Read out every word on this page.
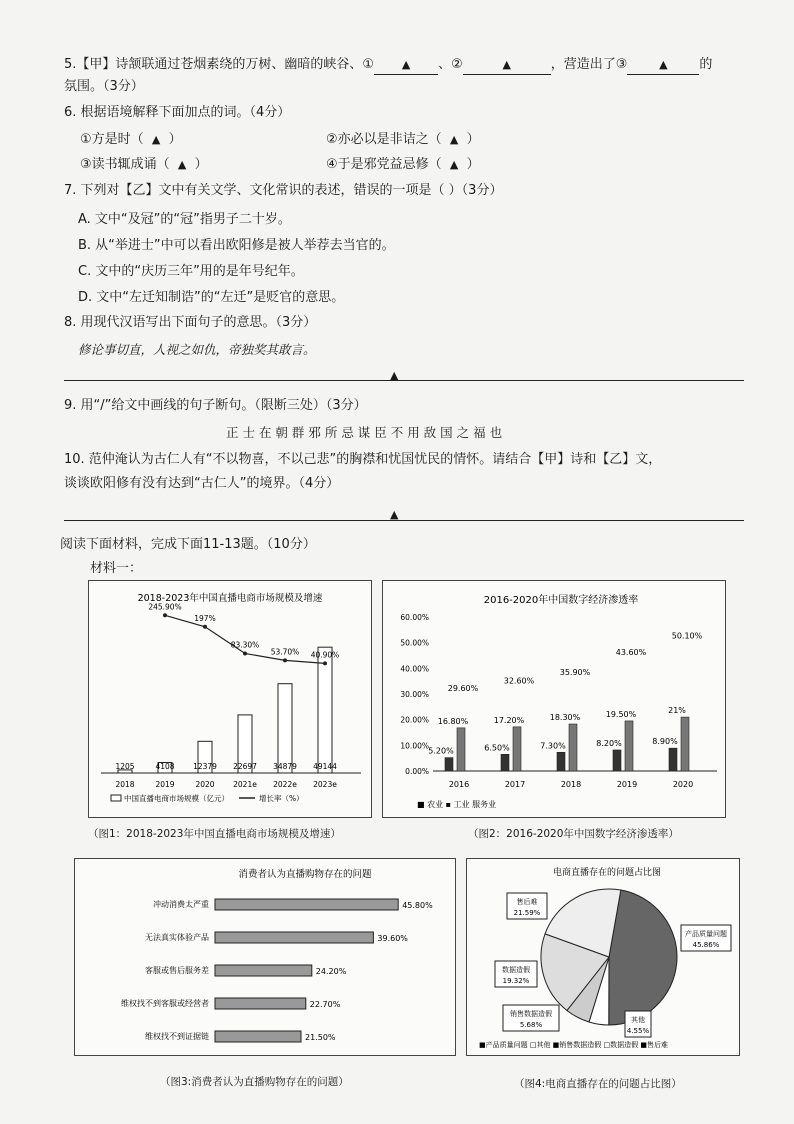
5.【甲】诗颔联通过苍烟素绕的万树、幽暗的峡谷、①	▲ 、②	▲	，营造出了③	▲ 的
氛围。（3分）
6. 根据语境解释下面加点的词。（4分）
①方是时（ ▲ ）	②亦必以是非诘之（ ▲ ）
③读书辄成诵（ ▲ ）	④于是邪党益忌修（ ▲ ）
7. 下列对【乙】文中有关文学、文化常识的表述，错误的一项是（ ）（3分）
A. 文中“及冠”的“冠”指男子二十岁。
B. 从“举进士”中可以看出欧阳修是被人举荐去当官的。
C. 文中的“庆历三年”用的是年号纪年。
D. 文中“左迁知制诰”的“左迁”是贬官的意思。
8. 用现代汉语写出下面句子的意思。（3分）
修论事切直，人视之如仇，帝独奖其敢言。
▲
9. 用“/”给文中画线的句子断句。（限断三处）（3分）
正 士 在 朝 群 邪 所 忌 谋 臣 不 用 敌 国 之 福 也
10. 范仲淹认为古仁人有“不以物喜，不以己悲”的胸襟和忧国忧民的情怀。请结合【甲】诗和【乙】文，
谈谈欧阳修有没有达到“古仁人”的境界。（4分）
▲
阅读下面材料，完成下面11-13题。（10分）
材料一：
2018-2023年中国直播电商市场规模及增速
1205
2018
4108
2019
245.90%
12379
2020
197%
22697
2021e
83.30%
34879
2022e
53.70%
49144
2023e
40.90%
中国直播电商市场规模（亿元）	增长率（%）
（图1：2018-2023年中国直播电商市场规模及增速）
2016-2020年中国数字经济渗透率
0.00%
10.00%
20.00%
30.00%
40.00%
50.00%
60.00%
2016
5.20%
16.80%
29.60%
2017
6.50%
17.20%
32.60%
2018
7.30%
18.30%
35.90%
2019
8.20%
19.50%
43.60%
2020
8.90%
21%
50.10%
■ 农业 ▪ 工业 服务业
（图2：2016-2020年中国数字经济渗透率）
消费者认为直播购物存在的问题
冲动消费太严重	45.80%
无法真实体验产品	39.60%
客服或售后服务差	24.20%
维权找不到客服或经营者	22.70%
维权找不到证据链	21.50%
（图3:消费者认为直播购物存在的问题）
电商直播存在的问题占比图
产品质量问题
45.86%
售后难
21.59%
数据造假
19.32%
销售数据造假
5.68%
其他
4.55%
■产品质量问题 □其他 ■销售数据造假 □数据造假 ■售后难
（图4:电商直播存在的问题占比图）
